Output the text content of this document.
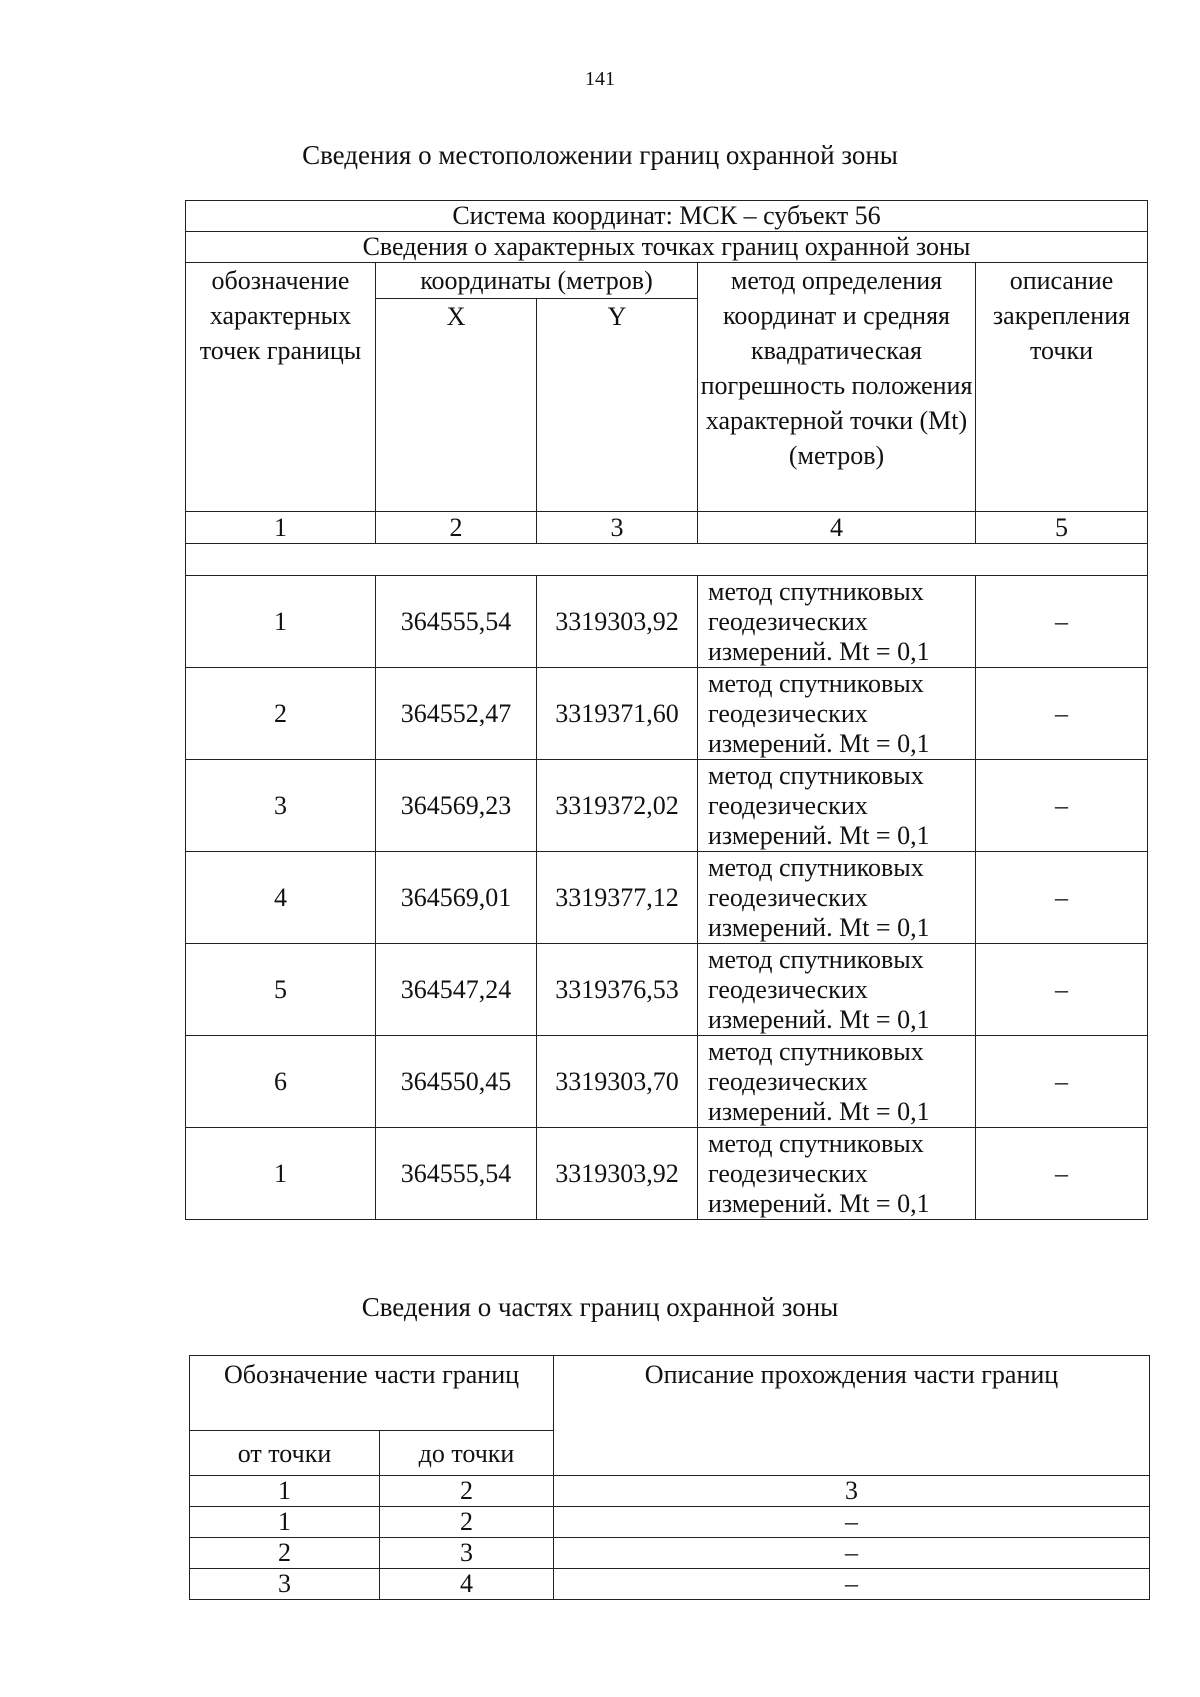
141
Сведения о местоположении границ охранной зоны
Система координат: МСК – субъект 56				
Сведения о характерных точках границ охранной зоны				
обозначение характерных точек границы	координаты (метров)		метод определения координат и средняя квадратическая погрешность положения характерной точки (Mt) (метров)	описание закрепления точки
	X	Y		
1	2	3	4	5

1	364555,54	3319303,92	метод спутниковых геодезических измерений. Mt = 0,1	–
2	364552,47	3319371,60	метод спутниковых геодезических измерений. Mt = 0,1	–
3	364569,23	3319372,02	метод спутниковых геодезических измерений. Mt = 0,1	–
4	364569,01	3319377,12	метод спутниковых геодезических измерений. Mt = 0,1	–
5	364547,24	3319376,53	метод спутниковых геодезических измерений. Mt = 0,1	–
6	364550,45	3319303,70	метод спутниковых геодезических измерений. Mt = 0,1	–
1	364555,54	3319303,92	метод спутниковых геодезических измерений. Mt = 0,1	–
Сведения о частях границ охранной зоны
Обозначение части границ		Описание прохождения части границ
от точки	до точки	
1	2	3
1	2	–
2	3	–
3	4	–
